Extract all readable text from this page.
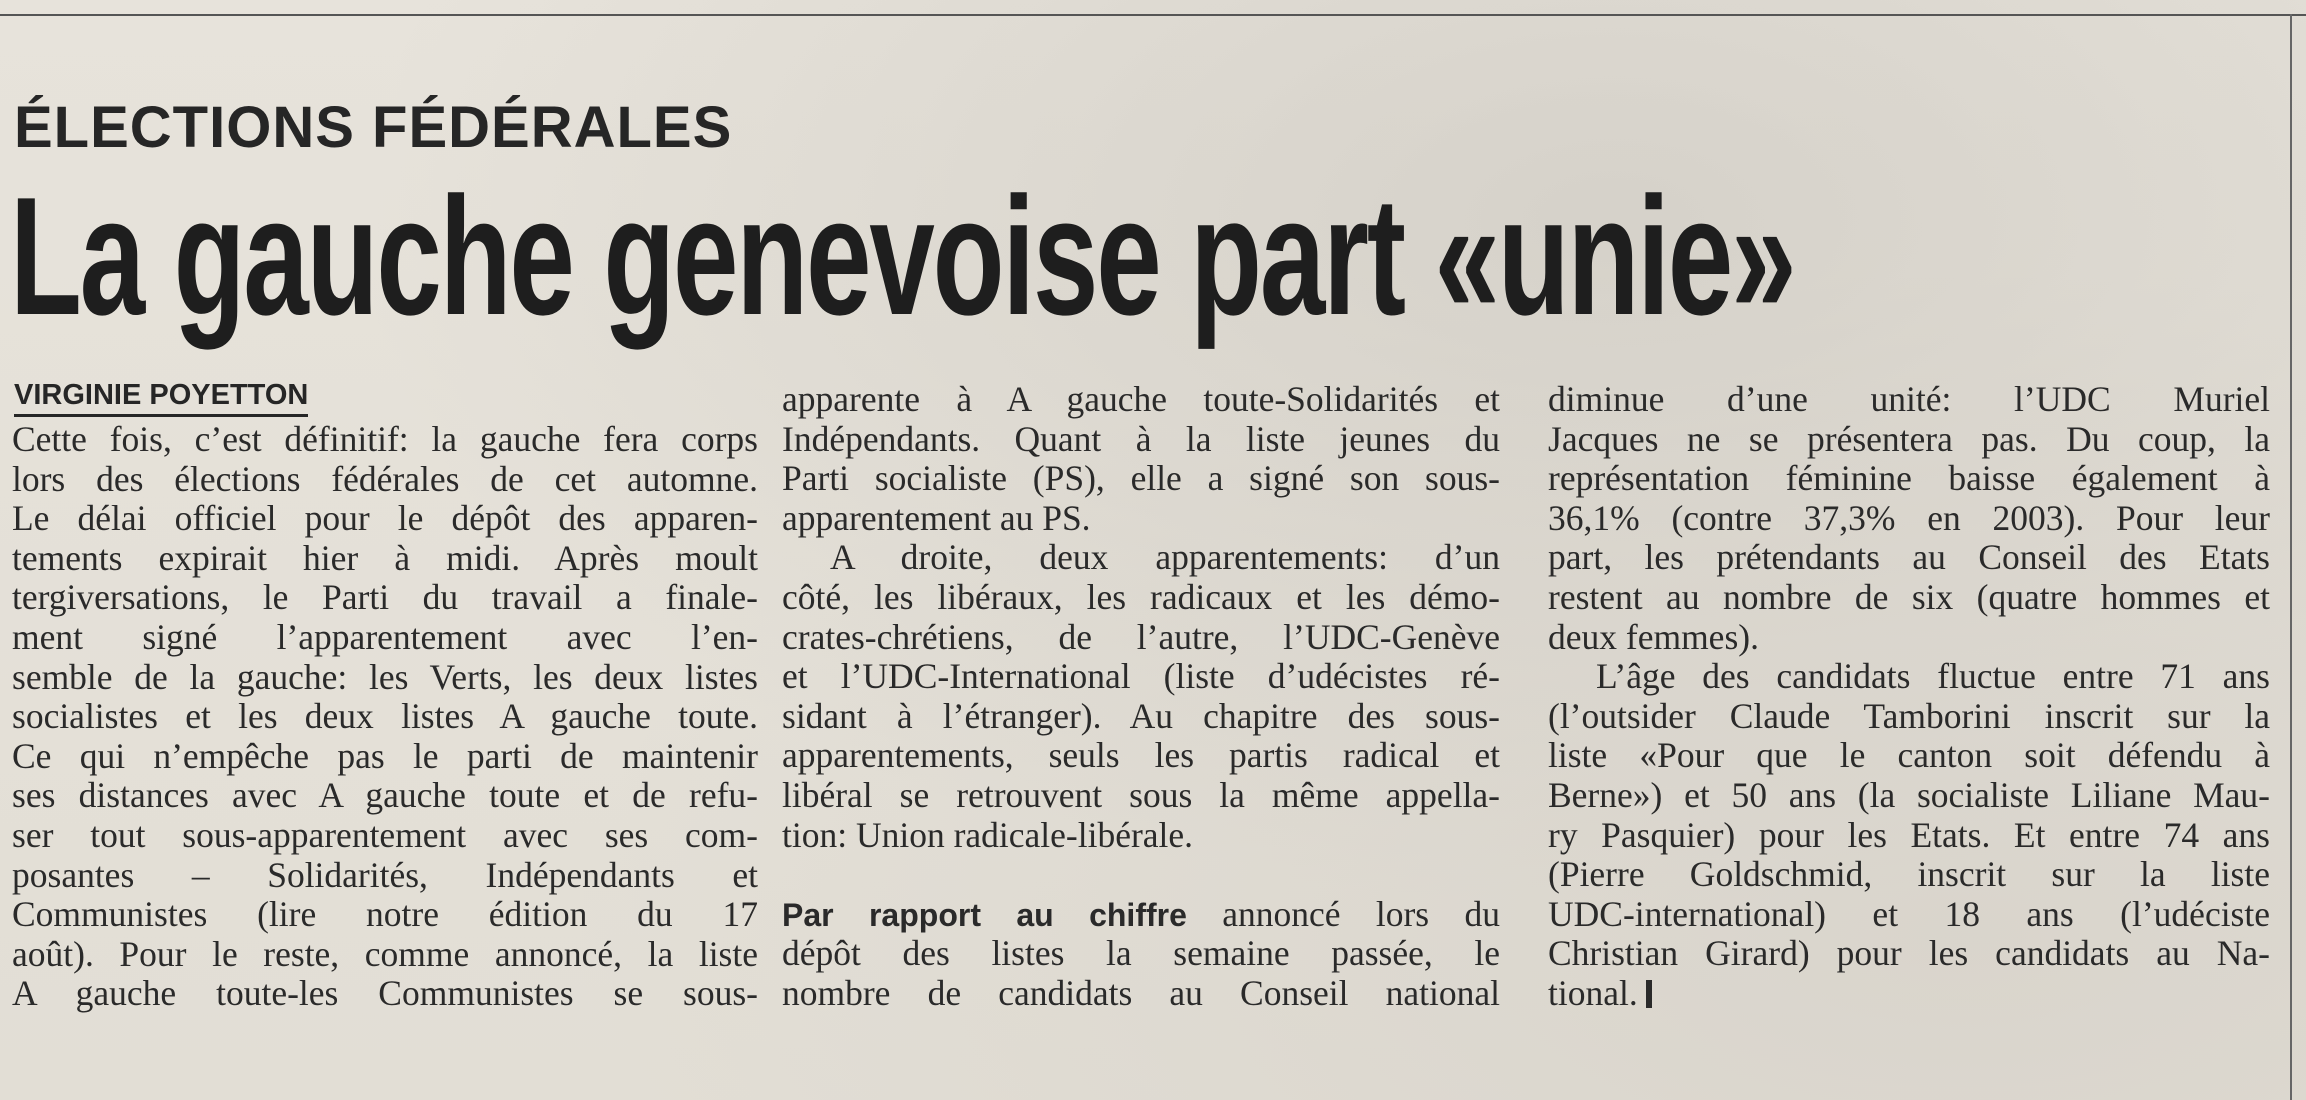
ÉLECTIONS FÉDÉRALES
La gauche genevoise part «unie»
VIRGINIE POYETTON
Cette fois, c’est définitif: la gauche fera corps
lors des élections fédérales de cet automne.
Le délai officiel pour le dépôt des apparen-
tements expirait hier à midi. Après moult
tergiversations, le Parti du travail a finale-
ment signé l’apparentement avec l’en-
semble de la gauche: les Verts, les deux listes
socialistes et les deux listes A gauche toute.
Ce qui n’empêche pas le parti de maintenir
ses distances avec A gauche toute et de refu-
ser tout sous-apparentement avec ses com-
posantes – Solidarités, Indépendants et
Communistes (lire notre édition du 17
août). Pour le reste, comme annoncé, la liste
A gauche toute-les Communistes se sous-
apparente à A gauche toute-Solidarités et
Indépendants. Quant à la liste jeunes du
Parti socialiste (PS), elle a signé son sous-
apparentement au PS.
A droite, deux apparentements: d’un
côté, les libéraux, les radicaux et les démo-
crates-chrétiens, de l’autre, l’UDC-Genève
et l’UDC-International (liste d’udécistes ré-
sidant à l’étranger). Au chapitre des sous-
apparentements, seuls les partis radical et
libéral se retrouvent sous la même appella-
tion: Union radicale-libérale.
Par rapport au chiffre annoncé lors du
dépôt des listes la semaine passée, le
nombre de candidats au Conseil national
diminue d’une unité: l’UDC Muriel
Jacques ne se présentera pas. Du coup, la
représentation féminine baisse également à
36,1% (contre 37,3% en 2003). Pour leur
part, les prétendants au Conseil des Etats
restent au nombre de six (quatre hommes et
deux femmes).
L’âge des candidats fluctue entre 71 ans
(l’outsider Claude Tamborini inscrit sur la
liste «Pour que le canton soit défendu à
Berne») et 50 ans (la socialiste Liliane Mau-
ry Pasquier) pour les Etats. Et entre 74 ans
(Pierre Goldschmid, inscrit sur la liste
UDC-international) et 18 ans (l’udéciste
Christian Girard) pour les candidats au Na-
tional.
